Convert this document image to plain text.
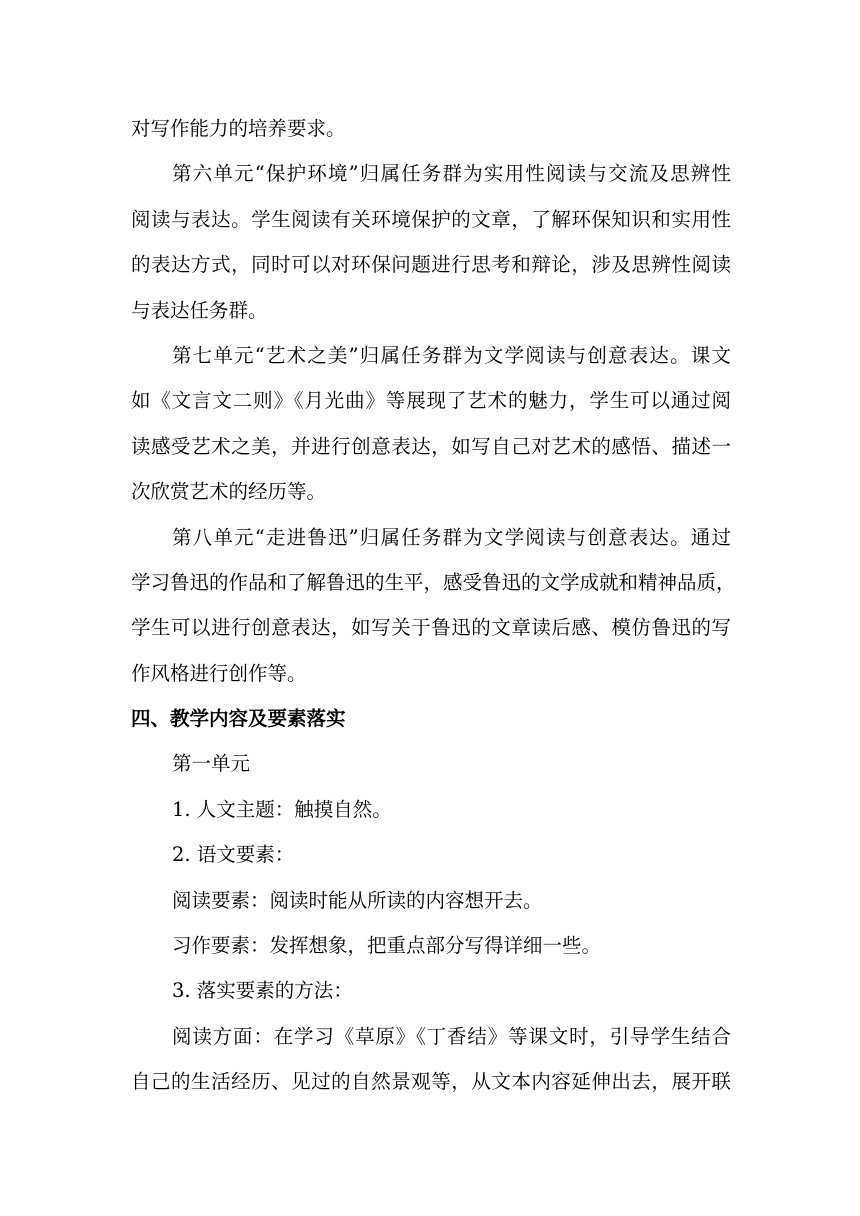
对写作能力的培养要求。
第六单元“保护环境”归属任务群为实用性阅读与交流及思辨性
阅读与表达。学生阅读有关环境保护的文章，了解环保知识和实用性
的表达方式，同时可以对环保问题进行思考和辩论，涉及思辨性阅读
与表达任务群。
第七单元“艺术之美”归属任务群为文学阅读与创意表达。课文
如《文言文二则》《月光曲》等展现了艺术的魅力，学生可以通过阅
读感受艺术之美，并进行创意表达，如写自己对艺术的感悟、描述一
次欣赏艺术的经历等。
第八单元“走进鲁迅”归属任务群为文学阅读与创意表达。通过
学习鲁迅的作品和了解鲁迅的生平，感受鲁迅的文学成就和精神品质，
学生可以进行创意表达，如写关于鲁迅的文章读后感、模仿鲁迅的写
作风格进行创作等。
四、教学内容及要素落实
第一单元
1. 人文主题：触摸自然。
2. 语文要素：
阅读要素：阅读时能从所读的内容想开去。
习作要素：发挥想象，把重点部分写得详细一些。
3. 落实要素的方法：
阅读方面：在学习《草原》《丁香结》等课文时，引导学生结合
自己的生活经历、见过的自然景观等，从文本内容延伸出去，展开联
